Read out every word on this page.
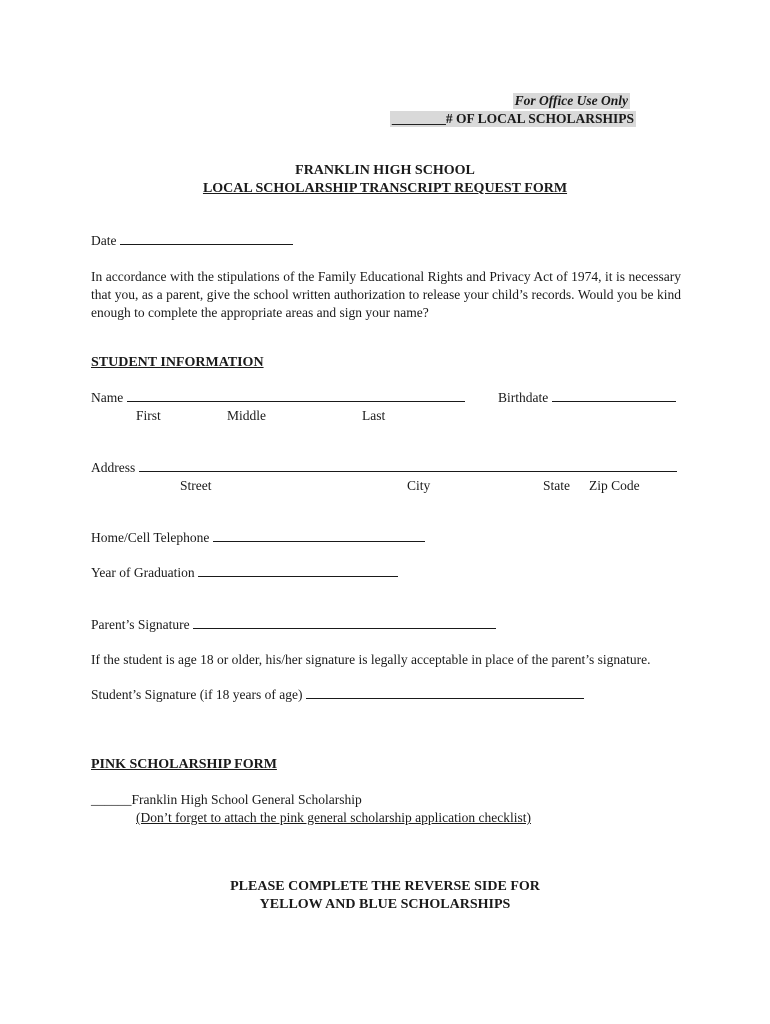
For Office Use Only
________# OF LOCAL SCHOLARSHIPS
FRANKLIN HIGH SCHOOL
LOCAL SCHOLARSHIP TRANSCRIPT REQUEST FORM
Date
In accordance with the stipulations of the Family Educational Rights and Privacy Act of 1974, it is necessary that you, as a parent, give the school written authorization to release your child’s records. Would you be kind enough to complete the appropriate areas and sign your name?
STUDENT INFORMATION
Name	Birthdate
First	Middle	Last
Address
Street	City	State Zip Code
Home/Cell Telephone
Year of Graduation
Parent’s Signature
If the student is age 18 or older, his/her signature is legally acceptable in place of the parent’s signature.
Student’s Signature (if 18 years of age)
PINK SCHOLARSHIP FORM
______Franklin High School General Scholarship
(Don’t forget to attach the pink general scholarship application checklist)
PLEASE COMPLETE THE REVERSE SIDE FOR
YELLOW AND BLUE SCHOLARSHIPS
